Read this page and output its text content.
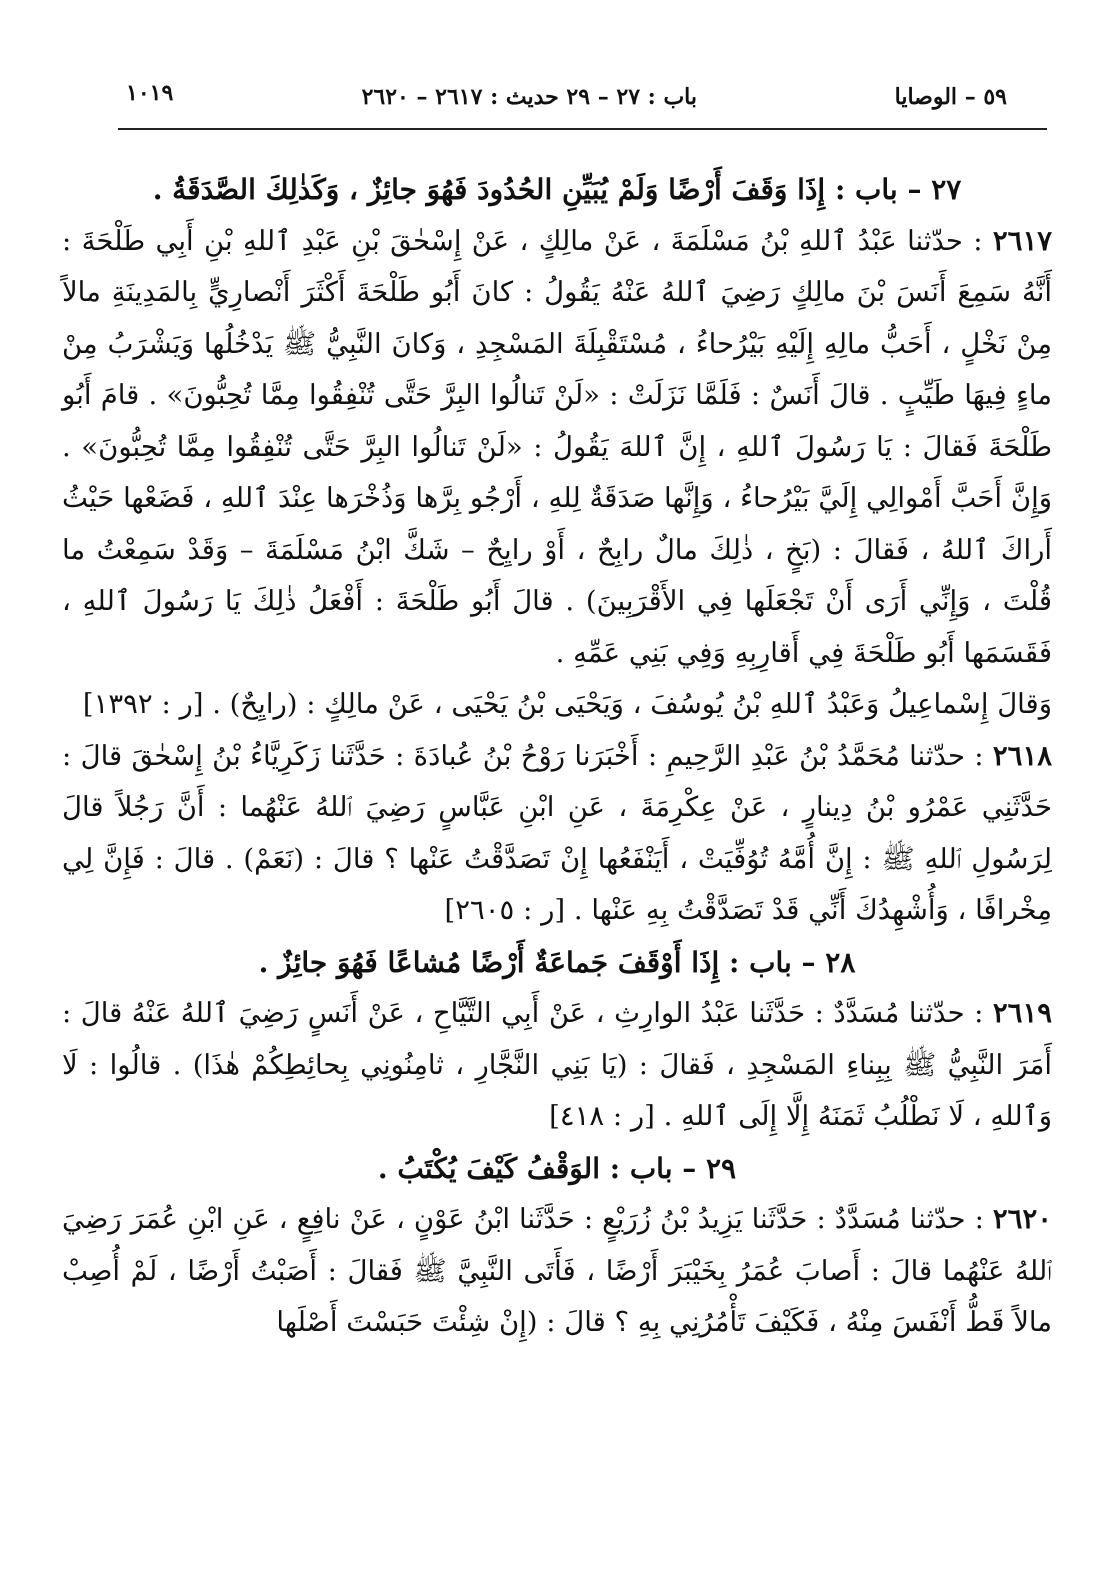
٥٩ – الوصايا
باب : ٢٧ – ٢٩ حديث : ٢٦١٧ – ٢٦٢٠
١٠١٩

٢٧ – باب : إِذَا وَقَفَ أَرْضًا وَلَمْ يُبَيِّنِ الحُدُودَ فَهُوَ جائِزٌ ، وَكَذٰلِكَ الصَّدَقَةُ .

٢٦١٧ : حدّثنا عَبْدُ ٱللهِ بْنُ مَسْلَمَةَ ، عَنْ مالِكٍ ، عَنْ إِسْحٰقَ بْنِ عَبْدِ ٱللهِ بْنِ أَبِي طَلْحَةَ : أَنَّهُ سَمِعَ أَنَسَ بْنَ مالِكٍ رَضِيَ ٱللهُ عَنْهُ يَقُولُ : كانَ أَبُو طَلْحَةَ أَكْثَرَ أَنْصارِيٍّ بِالمَدِينَةِ مالاً مِنْ نَخْلٍ ، أَحَبُّ مالِهِ إِلَيْهِ بَيْرُحاءُ ، مُسْتَقْبِلَةَ المَسْجِدِ ، وَكانَ النَّبِيُّ ﷺ يَدْخُلُها وَيَشْرَبُ مِنْ ماءٍ فِيهَا طَيِّبٍ . قالَ أَنَسٌ : فَلَمَّا نَزَلَتْ : «لَنْ تَنالُوا البِرَّ حَتَّى تُنْفِقُوا مِمَّا تُحِبُّونَ» . قامَ أَبُو طَلْحَةَ فَقالَ : يَا رَسُولَ ٱللهِ ، إِنَّ ٱللهَ يَقُولُ : «لَنْ تَنالُوا البِرَّ حَتَّى تُنْفِقُوا مِمَّا تُحِبُّونَ» . وَإِنَّ أَحَبَّ أَمْوالِي إِلَيَّ بَيْرُحاءُ ، وَإِنَّها صَدَقَةٌ لِلهِ ، أَرْجُو بِرَّها وَذُخْرَها عِنْدَ ٱللهِ ، فَضَعْها حَيْثُ أَراكَ ٱللهُ ، فَقالَ : (بَخٍ ، ذٰلِكَ مالٌ رابِحٌ ، أَوْ رايِحٌ – شَكَّ ابْنُ مَسْلَمَةَ – وَقَدْ سَمِعْتُ ما قُلْتَ ، وَإِنِّي أَرَى أَنْ تَجْعَلَها فِي الأَقْرَبِينَ) . قالَ أَبُو طَلْحَةَ : أَفْعَلُ ذٰلِكَ يَا رَسُولَ ٱللهِ ، فَقَسَمَها أَبُو طَلْحَةَ فِي أَقارِبِهِ وَفِي بَنِي عَمِّهِ .

وَقالَ إِسْماعِيلُ وَعَبْدُ ٱللهِ بْنُ يُوسُفَ ، وَيَحْيَى بْنُ يَحْيَى ، عَنْ مالِكٍ : (رايِحٌ) . [ر : ١٣٩٢]

٢٦١٨ : حدّثنا مُحَمَّدُ بْنُ عَبْدِ الرَّحِيمِ : أَخْبَرَنا رَوْحُ بْنُ عُبادَةَ : حَدَّثَنا زَكَرِيَّاءُ بْنُ إِسْحٰقَ قالَ : حَدَّثَنِي عَمْرُو بْنُ دِينارٍ ، عَنْ عِكْرِمَةَ ، عَنِ ابْنِ عَبَّاسٍ رَضِيَ ٱللهُ عَنْهُما : أَنَّ رَجُلاً قالَ لِرَسُولِ ٱللهِ ﷺ : إِنَّ أُمَّهُ تُوُفِّيَتْ ، أَيَنْفَعُها إِنْ تَصَدَّقْتُ عَنْها ؟ قالَ : (نَعَمْ) . قالَ : فَإِنَّ لِي مِخْرافًا ، وَأُشْهِدُكَ أَنِّي قَدْ تَصَدَّقْتُ بِهِ عَنْها . [ر : ٢٦٠٥]

٢٨ – باب : إِذَا أَوْقَفَ جَماعَةٌ أَرْضًا مُشاعًا فَهُوَ جائِزٌ .

٢٦١٩ : حدّثنا مُسَدَّدٌ : حَدَّثَنا عَبْدُ الوارِثِ ، عَنْ أَبِي التَّيَّاحِ ، عَنْ أَنَسٍ رَضِيَ ٱللهُ عَنْهُ قالَ : أَمَرَ النَّبِيُّ ﷺ بِبِناءِ المَسْجِدِ ، فَقالَ : (يَا بَنِي النَّجَّارِ ، ثامِنُونِي بِحائِطِكُمْ هٰذَا) . قالُوا : لَا وَٱللهِ ، لَا نَطْلُبُ ثَمَنَهُ إِلَّا إِلَى ٱللهِ . [ر : ٤١٨]

٢٩ – باب : الوَقْفُ كَيْفَ يُكْتَبُ .

٢٦٢٠ : حدّثنا مُسَدَّدٌ : حَدَّثَنا يَزِيدُ بْنُ زُرَيْعٍ : حَدَّثَنا ابْنُ عَوْنٍ ، عَنْ نافِعٍ ، عَنِ ابْنِ عُمَرَ رَضِيَ ٱللهُ عَنْهُما قالَ : أَصابَ عُمَرُ بِخَيْبَرَ أَرْضًا ، فَأَتَى النَّبِيَّ ﷺ فَقالَ : أَصَبْتُ أَرْضًا ، لَمْ أُصِبْ مالاً قَطُّ أَنْفَسَ مِنْهُ ، فَكَيْفَ تَأْمُرُنِي بِهِ ؟ قالَ : (إِنْ شِئْتَ حَبَسْتَ أَصْلَها
